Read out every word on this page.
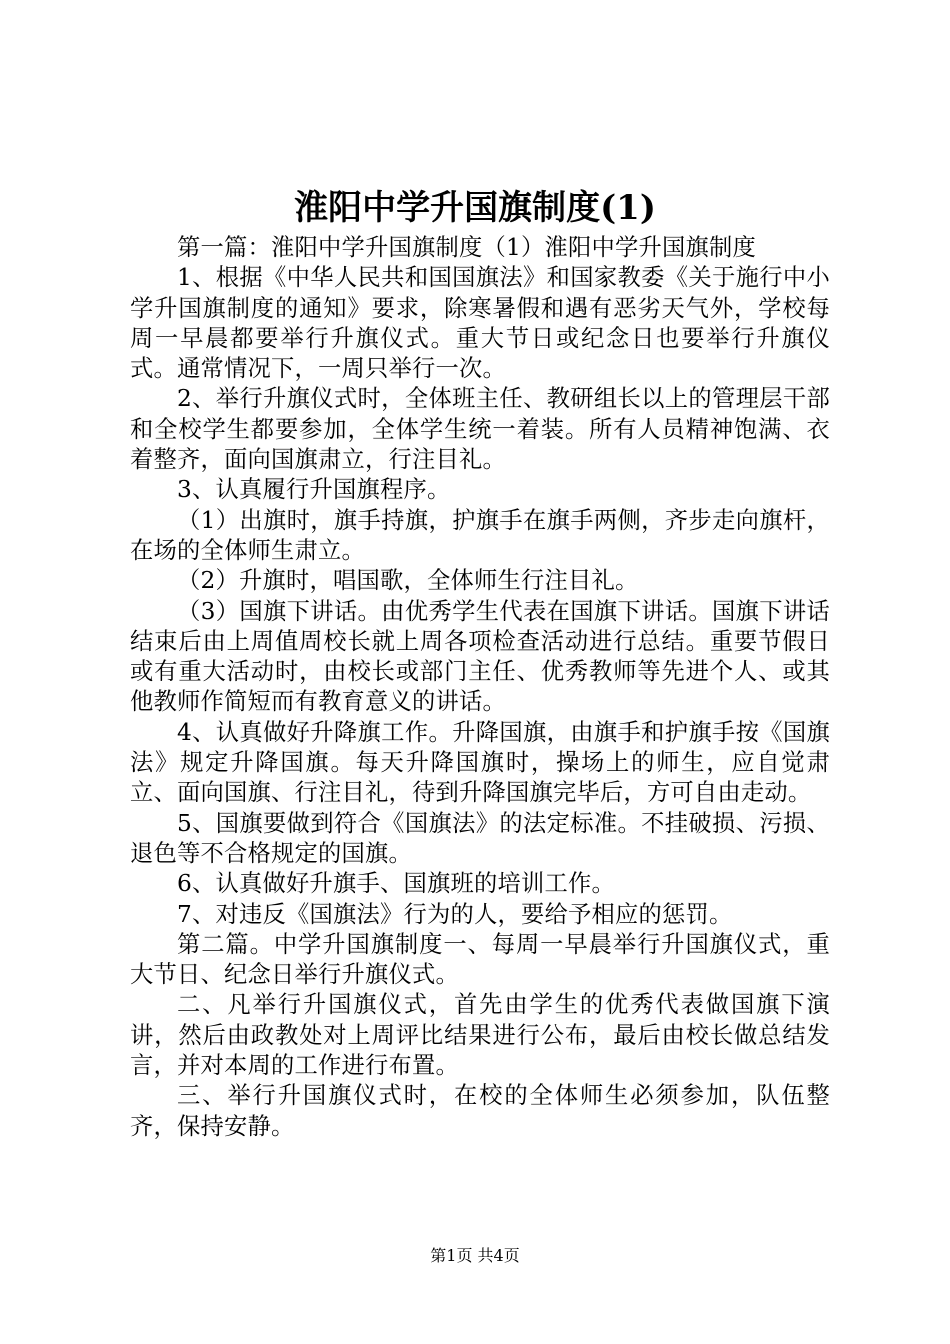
淮阳中学升国旗制度(1)

第一篇：淮阳中学升国旗制度（1）淮阳中学升国旗制度

1、根据《中华人民共和国国旗法》和国家教委《关于施行中小学升国旗制度的通知》要求，除寒暑假和遇有恶劣天气外，学校每周一早晨都要举行升旗仪式。重大节日或纪念日也要举行升旗仪式。通常情况下，一周只举行一次。

2、举行升旗仪式时，全体班主任、教研组长以上的管理层干部和全校学生都要参加，全体学生统一着装。所有人员精神饱满、衣着整齐，面向国旗肃立，行注目礼。

3、认真履行升国旗程序。

（1）出旗时，旗手持旗，护旗手在旗手两侧，齐步走向旗杆，在场的全体师生肃立。

（2）升旗时，唱国歌，全体师生行注目礼。

（3）国旗下讲话。由优秀学生代表在国旗下讲话。国旗下讲话结束后由上周值周校长就上周各项检查活动进行总结。重要节假日或有重大活动时，由校长或部门主任、优秀教师等先进个人、或其他教师作简短而有教育意义的讲话。

4、认真做好升降旗工作。升降国旗，由旗手和护旗手按《国旗法》规定升降国旗。每天升降国旗时，操场上的师生，应自觉肃立、面向国旗、行注目礼，待到升降国旗完毕后，方可自由走动。

5、国旗要做到符合《国旗法》的法定标准。不挂破损、污损、退色等不合格规定的国旗。

6、认真做好升旗手、国旗班的培训工作。

7、对违反《国旗法》行为的人，要给予相应的惩罚。

第二篇。中学升国旗制度一、每周一早晨举行升国旗仪式，重大节日、纪念日举行升旗仪式。

二、凡举行升国旗仪式，首先由学生的优秀代表做国旗下演讲，然后由政教处对上周评比结果进行公布，最后由校长做总结发言，并对本周的工作进行布置。

三、举行升国旗仪式时，在校的全体师生必须参加，队伍整齐，保持安静。

第1页 共4页
